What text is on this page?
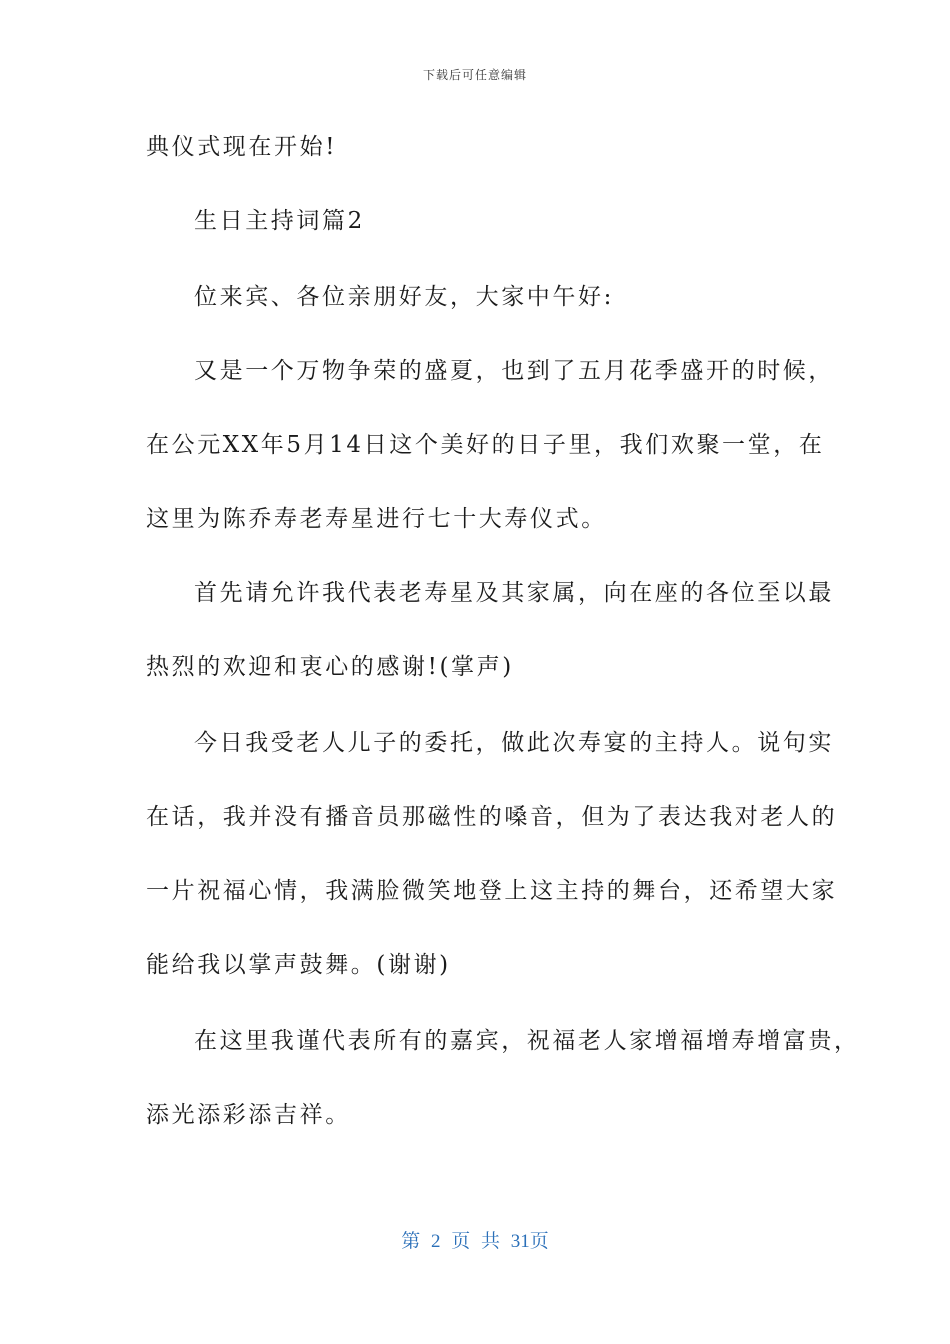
下载后可任意编辑
典仪式现在开始!
生日主持词篇2
位来宾、各位亲朋好友，大家中午好:
又是一个万物争荣的盛夏，也到了五月花季盛开的时候，
在公元XX年5月14日这个美好的日子里，我们欢聚一堂，在
这里为陈乔寿老寿星进行七十大寿仪式。
首先请允许我代表老寿星及其家属，向在座的各位至以最
热烈的欢迎和衷心的感谢!(掌声)
今日我受老人儿子的委托，做此次寿宴的主持人。说句实
在话，我并没有播音员那磁性的嗓音，但为了表达我对老人的
一片祝福心情，我满脸微笑地登上这主持的舞台，还希望大家
能给我以掌声鼓舞。(谢谢)
在这里我谨代表所有的嘉宾，祝福老人家增福增寿增富贵，
添光添彩添吉祥。
第 2 页 共 31页
